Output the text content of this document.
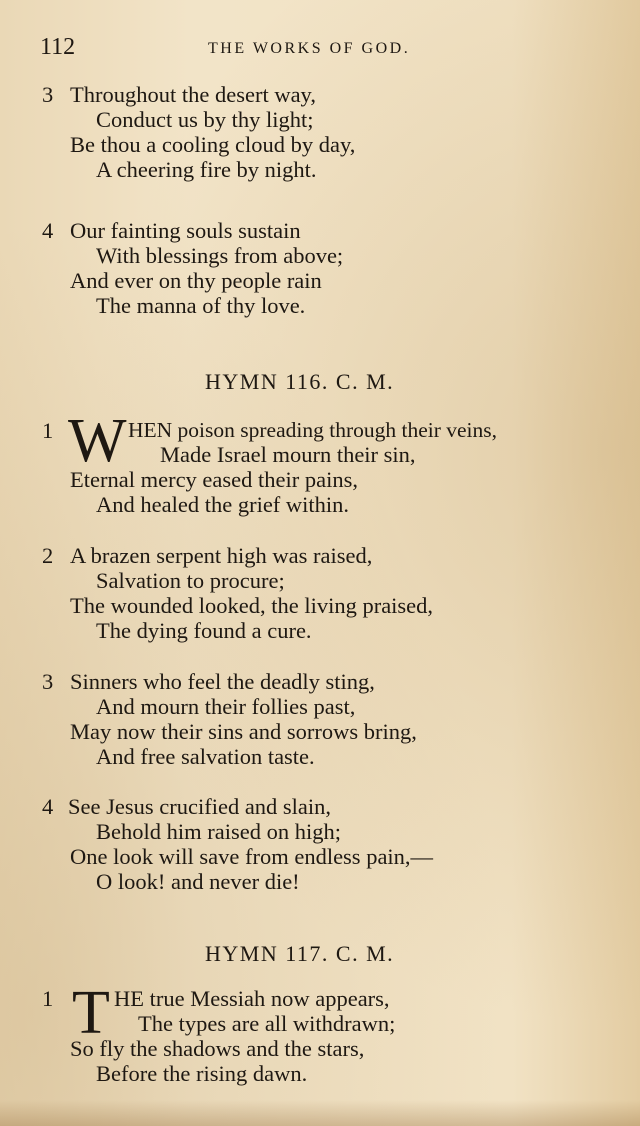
112	THE WORKS OF GOD.
3 Throughout the desert way,
Conduct us by thy light;
Be thou a cooling cloud by day,
A cheering fire by night.
4 Our fainting souls sustain
With blessings from above;
And ever on thy people rain
The manna of thy love.
HYMN 116. C. M.
1 W HEN poison spreading through their veins,
Made Israel mourn their sin,
Eternal mercy eased their pains,
And healed the grief within.
2 A brazen serpent high was raised,
Salvation to procure;
The wounded looked, the living praised,
The dying found a cure.
3 Sinners who feel the deadly sting,
And mourn their follies past,
May now their sins and sorrows bring,
And free salvation taste.
4 See Jesus crucified and slain,
Behold him raised on high;
One look will save from endless pain,—
O look! and never die!
HYMN 117. C. M.
1 T HE true Messiah now appears,
The types are all withdrawn;
So fly the shadows and the stars,
Before the rising dawn.
